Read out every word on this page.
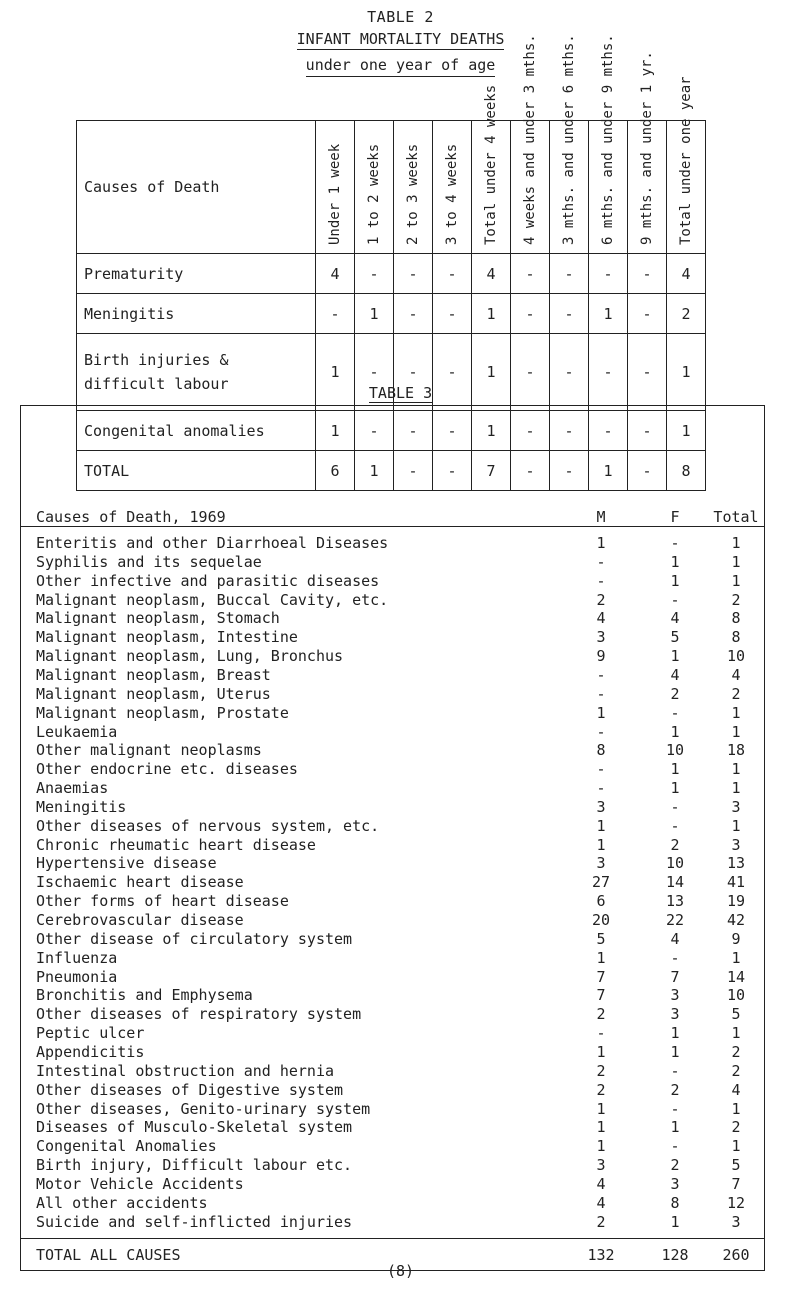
TABLE 2
INFANT MORTALITY DEATHS
under one year of age
Causes of Death	Under 1 week	1 to 2 weeks	2 to 3 weeks	3 to 4 weeks	Total under 4 weeks	4 weeks and under 3 mths.	3 mths. and under 6 mths.	6 mths. and under 9 mths.	9 mths. and under 1 yr.	Total under one year

Prematurity	4	-	-	-	4	-	-	-	-	4
Meningitis	-	1	-	-	1	-	-	1	-	2
Birth injuries & difficult labour	1	-	-	-	1	-	-	-	-	1
Congenital anomalies	1	-	-	-	1	-	-	-	-	1
TOTAL	6	1	-	-	7	-	-	1	-	8
TABLE 3
Causes of Death, 1969	M	F	Total
Enteritis and other Diarrhoeal Diseases	1	-	1
Syphilis and its sequelae	-	1	1
Other infective and parasitic diseases	-	1	1
Malignant neoplasm, Buccal Cavity, etc.	2	-	2
Malignant neoplasm, Stomach	4	4	8
Malignant neoplasm, Intestine	3	5	8
Malignant neoplasm, Lung, Bronchus	9	1	10
Malignant neoplasm, Breast	-	4	4
Malignant neoplasm, Uterus	-	2	2
Malignant neoplasm, Prostate	1	-	1
Leukaemia	-	1	1
Other malignant neoplasms	8	10	18
Other endocrine etc. diseases	-	1	1
Anaemias	-	1	1
Meningitis	3	-	3
Other diseases of nervous system, etc.	1	-	1
Chronic rheumatic heart disease	1	2	3
Hypertensive disease	3	10	13
Ischaemic heart disease	27	14	41
Other forms of heart disease	6	13	19
Cerebrovascular disease	20	22	42
Other disease of circulatory system	5	4	9
Influenza	1	-	1
Pneumonia	7	7	14
Bronchitis and Emphysema	7	3	10
Other diseases of respiratory system	2	3	5
Peptic ulcer	-	1	1
Appendicitis	1	1	2
Intestinal obstruction and hernia	2	-	2
Other diseases of Digestive system	2	2	4
Other diseases, Genito-urinary system	1	-	1
Diseases of Musculo-Skeletal system	1	1	2
Congenital Anomalies	1	-	1
Birth injury, Difficult labour etc.	3	2	5
Motor Vehicle Accidents	4	3	7
All other accidents	4	8	12
Suicide and self-inflicted injuries	2	1	3
TOTAL ALL CAUSES	132	128	260
(8)
